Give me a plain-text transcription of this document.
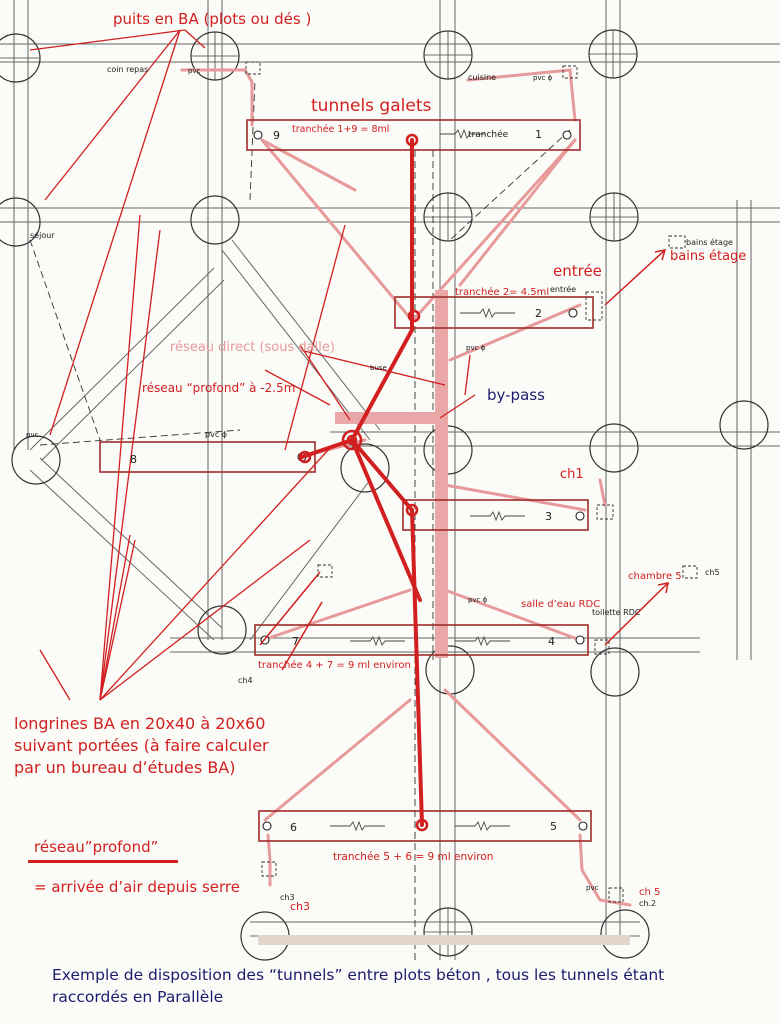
puits en BA (plots ou dés )
tunnels galets
entrée
bains étage
réseau direct (sous dalle)
réseau “profond” à -2.5m	by-pass
ch1
chambre 5
salle d’eau RDC
longrines BA en 20x40 à 20x60
suivant portées (à faire calculer
par un bureau d’études BA)
réseau”profond”
= arrivée d’air depuis serre
ch3
ch 5
tranchée 1+9 = 8ml
tranchée 2= 4.5ml
tranchée 4 + 7 = 9 ml environ
tranchée 5 + 6 = 9 ml environ
9	1
2
8
3
7	4
6	5
coin repas
cuisine
séjour
tranchée
entrée
bains étage
toilette RDC
ch4
ch5
ch3
ch.2
pvc
pvc ϕ
pvc
pvc ϕ
pvc ϕ
pvc ϕ
pvc
buse
Exemple de disposition des “tunnels” entre plots béton , tous les tunnels étant
raccordés en Parallèle
